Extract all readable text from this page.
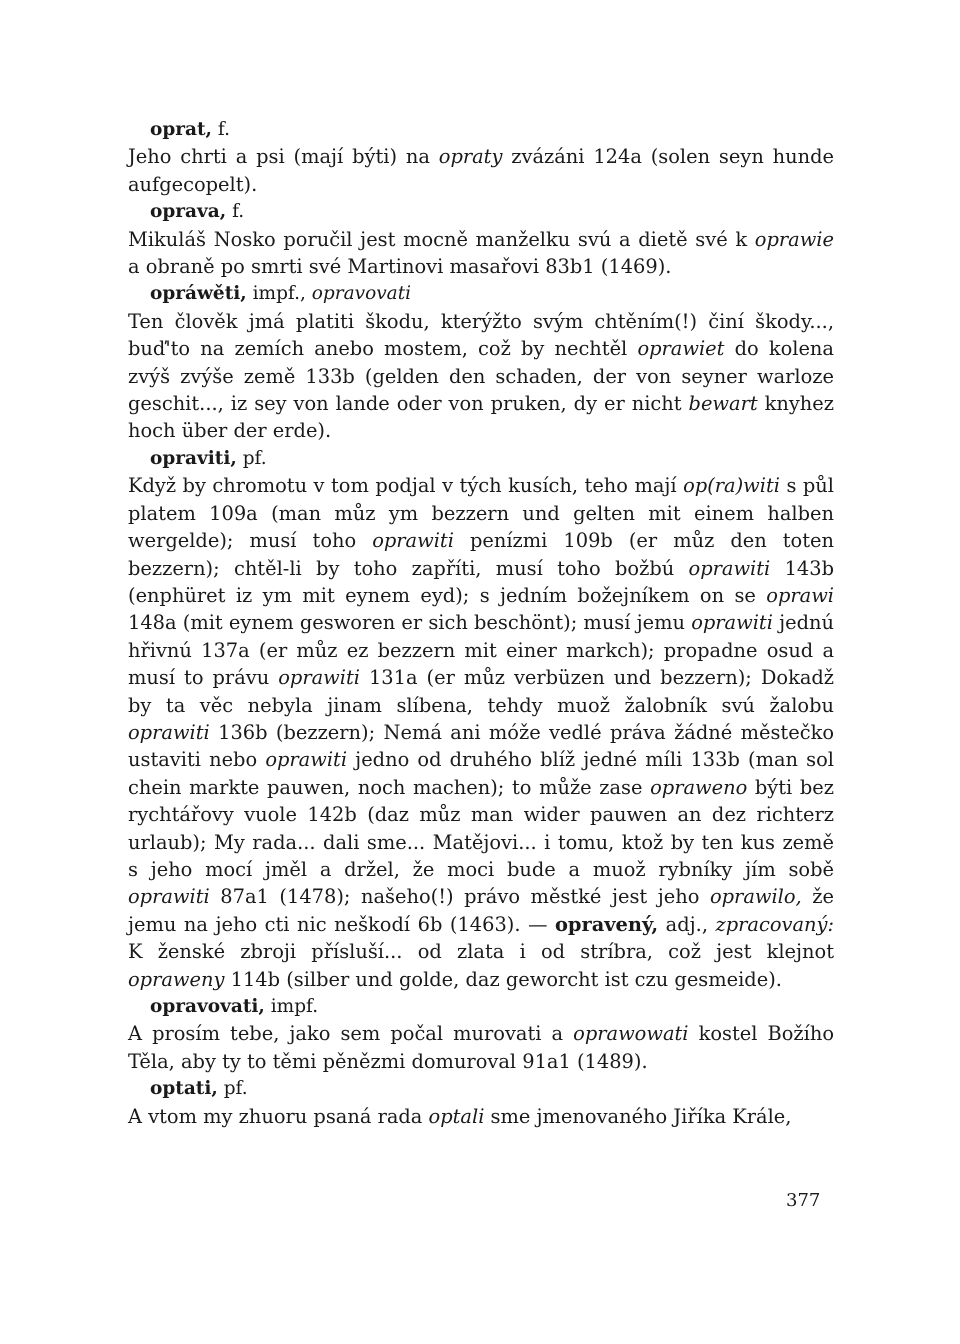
oprat, f.

Jeho chrti a psi (mají býti) na opraty zvázáni 124a (solen seyn hunde aufgecopelt).

oprava, f.

Mikuláš Nosko poručil jest mocně manželku svú a dietě své k oprawie a obraně po smrti své Martinovi masařovi 83b1 (1469).

opráwěti, impf., opravovati

Ten člověk jmá platiti škodu, kterýžto svým chtěním(!) činí škody..., buď'to na zemích anebo mostem, což by nechtěl oprawiet do kolena zvýš zvýše země 133b (gelden den schaden, der von seyner warloze geschit..., iz sey von lande oder von pruken, dy er nicht bewart knyhez hoch über der erde).

opraviti, pf.

Když by chromotu v tom podjal v tých kusích, teho mají op(ra)witi s půl platem 109a (man můz ym bezzern und gelten mit einem halben wergelde); musí toho oprawiti penízmi 109b (er můz den toten bezzern); chtěl-li by toho zapříti, musí toho božbú oprawiti 143b (enphüret iz ym mit eynem eyd); s jedním božejníkem on se oprawi 148a (mit eynem gesworen er sich beschönt); musí jemu oprawiti jednú hřivnú 137a (er můz ez bezzern mit einer markch); propadne osud a musí to právu oprawiti 131a (er můz verbüzen und bezzern); Dokadž by ta věc nebyla jinam slíbena, tehdy muož žalobník svú žalobu oprawiti 136b (bezzern); Nemá ani móže vedlé práva žádné městečko ustaviti nebo oprawiti jedno od druhého blíž jedné míli 133b (man sol chein markte pauwen, noch machen); to může zase opraweno býti bez rychtářovy vuole 142b (daz můz man wider pauwen an dez richterz urlaub); My rada... dali sme... Matějovi... i tomu, ktož by ten kus země s jeho mocí jměl a držel, že moci bude a muož rybníky jím sobě oprawiti 87a1 (1478); našeho(!) právo městké jest jeho oprawilo, že jemu na jeho cti nic neškodí 6b (1463). — opravený, adj., zpracovaný: K ženské zbroji přísluší... od zlata i od stríbra, což jest klejnot opraweny 114b (silber und golde, daz geworcht ist czu gesmeide).

opravovati, impf.

A prosím tebe, jako sem počal murovati a oprawowati kostel Božího Těla, aby ty to těmi pěnězmi domuroval 91a1 (1489).

optati, pf.

A vtom my zhuoru psaná rada optali sme jmenovaného Jiříka Krále,

377
